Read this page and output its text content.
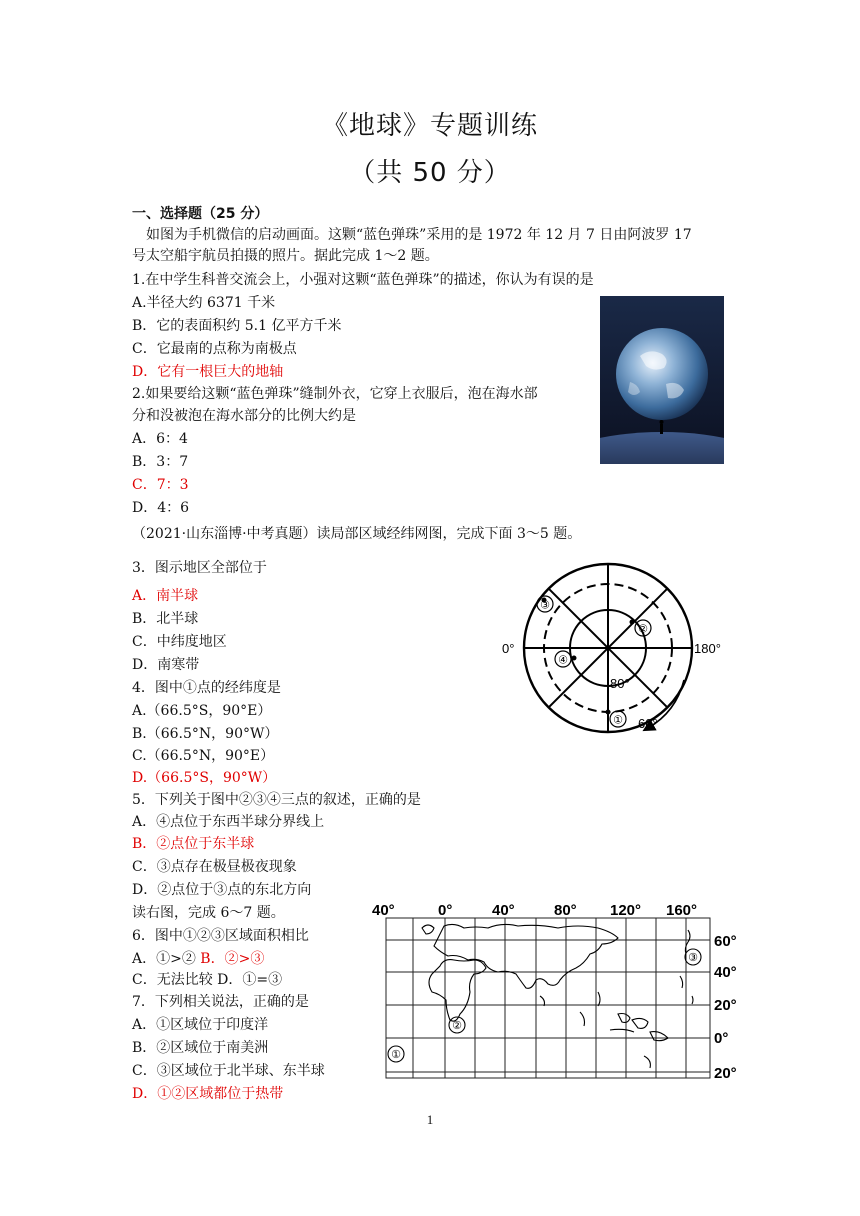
《地球》专题训练
（共 50 分）
一、选择题（25 分）
　如图为手机微信的启动画面。这颗“蓝色弹珠”采用的是 1972 年 12 月 7 日由阿波罗 17
号太空船宇航员拍摄的照片。据此完成 1～2 题。
1.在中学生科普交流会上，小强对这颗“蓝色弹珠”的描述，你认为有误的是
A.半径大约 6371 千米
B．它的表面积约 5.1 亿平方千米
C．它最南的点称为南极点
D．它有一根巨大的地轴
2.如果要给这颗“蓝色弹珠”缝制外衣，它穿上衣服后，泡在海水部
分和没被泡在海水部分的比例大约是
A．6：4
B．3：7
C．7：3
D．4：6
（2021·山东淄博·中考真题）读局部区域经纬网图，完成下面 3～5 题。
3．图示地区全部位于
A．南半球
B．北半球
C．中纬度地区
D．南寒带
4．图中①点的经纬度是
A.（66.5°S，90°E）
B.（66.5°N，90°W）
C.（66.5°N，90°E）
D.（66.5°S，90°W）
5．下列关于图中②③④三点的叙述，正确的是
A．④点位于东西半球分界线上
B．②点位于东半球
C．③点存在极昼极夜现象
D．②点位于③点的东北方向
③
②
④
①
0°	180°
80°
60°
读右图，完成 6～7 题。
6．图中①②③区域面积相比
A．①>② B．②>③
C．无法比较 D．①=③
7．下列相关说法，正确的是
A．①区域位于印度洋
B．②区域位于南美洲
C．③区域位于北半球、东半球
D．①②区域都位于热带
40°	0°	40°	80° 120° 160°
60°
40°
20°
0°
20°
①
②
③
1
